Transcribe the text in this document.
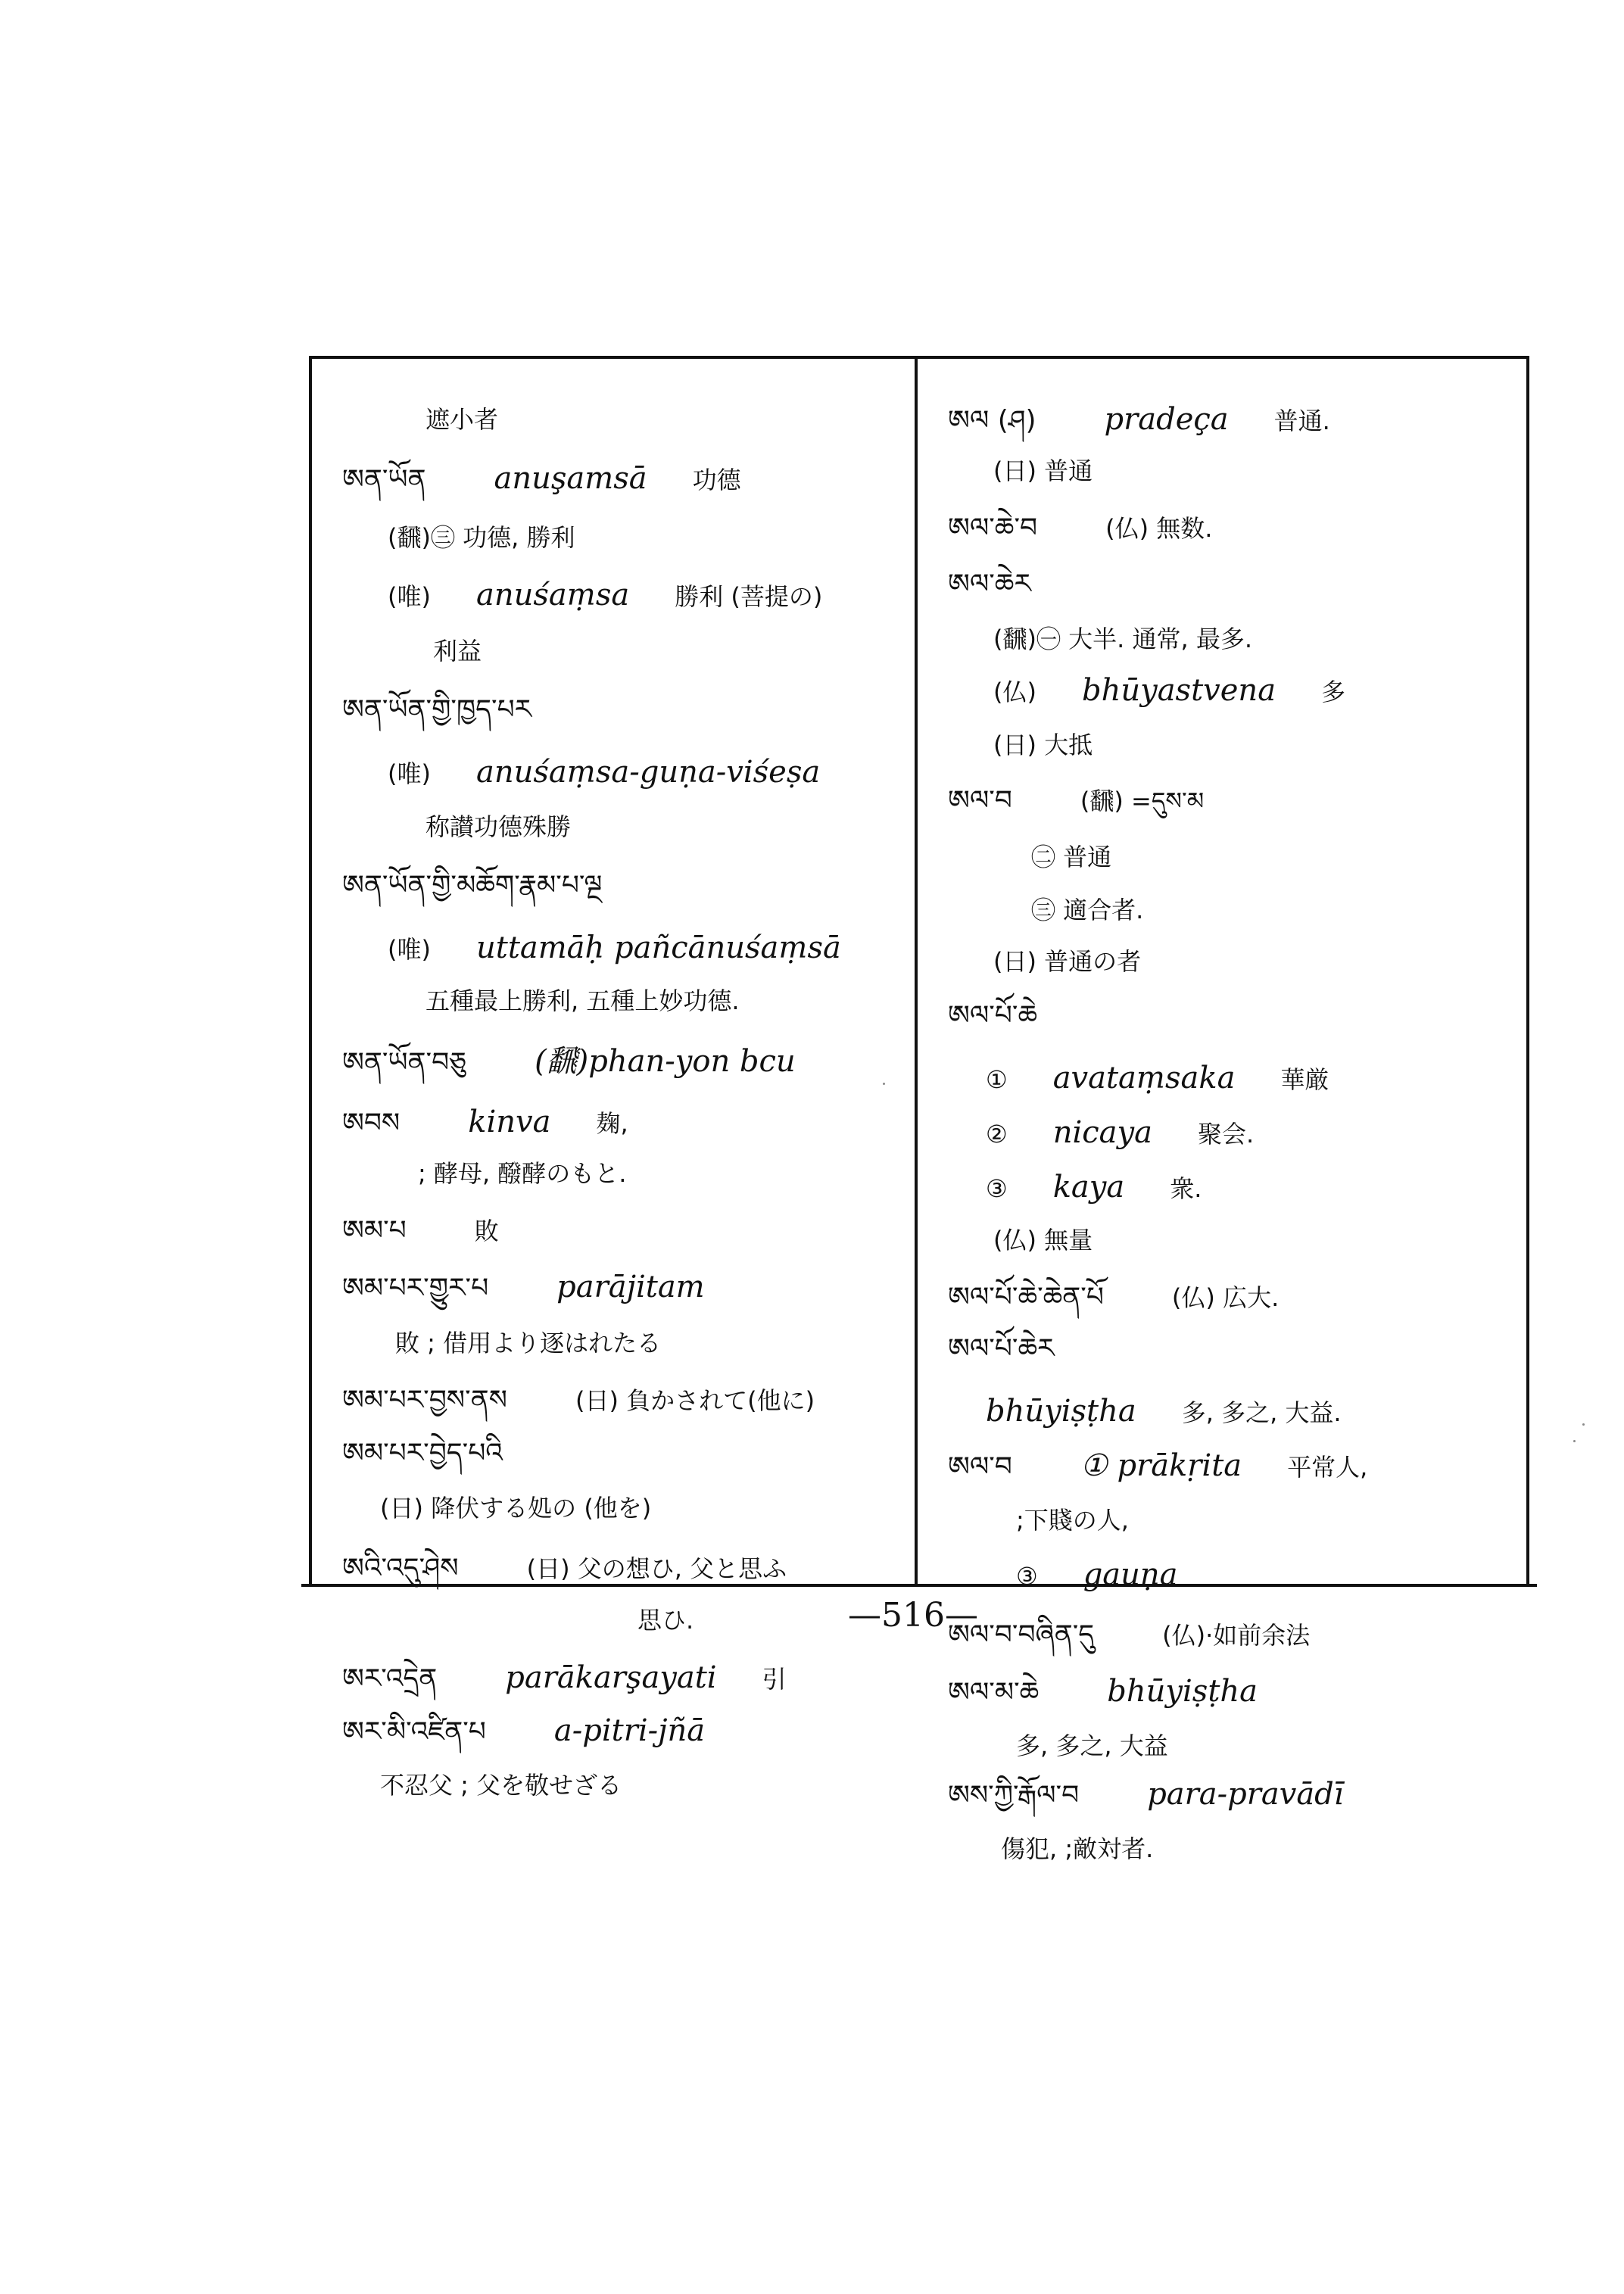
遮小者
ཨན་ཡོན anuşamsā 功德
(飜)㊂ 功德, 勝利
(唯) anuśaṃsa 勝利 (菩提の)
利益
ཨན་ཡོན་གྱི་ཁྱད་པར
(唯) anuśaṃsa-guṇa-viśeṣa
称讃功德殊勝
ཨན་ཡོན་གྱི་མཆོག་རྣམ་པ་ལྔ
(唯) uttamāḥ pañcānuśaṃsā
五種最上勝利, 五種上妙功德.
ཨན་ཡོན་བཅུ (飜)phan-yon bcu
ཨབས kinva 麹,
; 酵母, 醱酵のもと.
ཨམ་པ	敗
ཨམ་པར་གྱུར་པ parājitam
敗 ; 借用より逐はれたる
ཨམ་པར་བྱས་ནས	(日) 負かされて(他に)
ཨམ་པར་བྱེད་པའི
(日) 降伏する処の (他を)
ཨའི་འདུ་ཤེས	(日) 父の想ひ, 父と思ふ
思ひ.
ཨར་འདྲེན parākarşayati 引
ཨར་མི་འཛིན་པ a-pitri-jñā
不忍父 ; 父を敬せざる
ཨལ (ཤ) pradeça 普通.
(日) 普通
ཨལ་ཆེ་བ	(仏) 無数.
ཨལ་ཆེར
(飜)㊀ 大半. 通常, 最多.
(仏) bhūyastvena 多
(日) 大抵
ཨལ་བ	(飜) =དུས་མ
㊁ 普通
㊂ 適合者.
(日) 普通の者
ཨལ་པོ་ཆེ
① avataṃsaka 華厳
② nicaya 聚会.
③ kaya 衆.
(仏) 無量
ཨལ་པོ་ཆེ་ཆེན་པོ	(仏) 広大.
ཨལ་པོ་ཆེར
bhūyiṣṭha 多, 多之, 大益.
ཨལ་བ ① prākṛita 平常人,
;下賤の人,
③ gauṇa
ཨལ་བ་བཞིན་དུ	(仏)·如前余法
ཨལ་མ་ཆེ bhūyiṣṭha
多, 多之, 大益
ཨས་ཀྱི་རྒོལ་བ para-pravādī
傷犯, ;敵対者.
—516—
